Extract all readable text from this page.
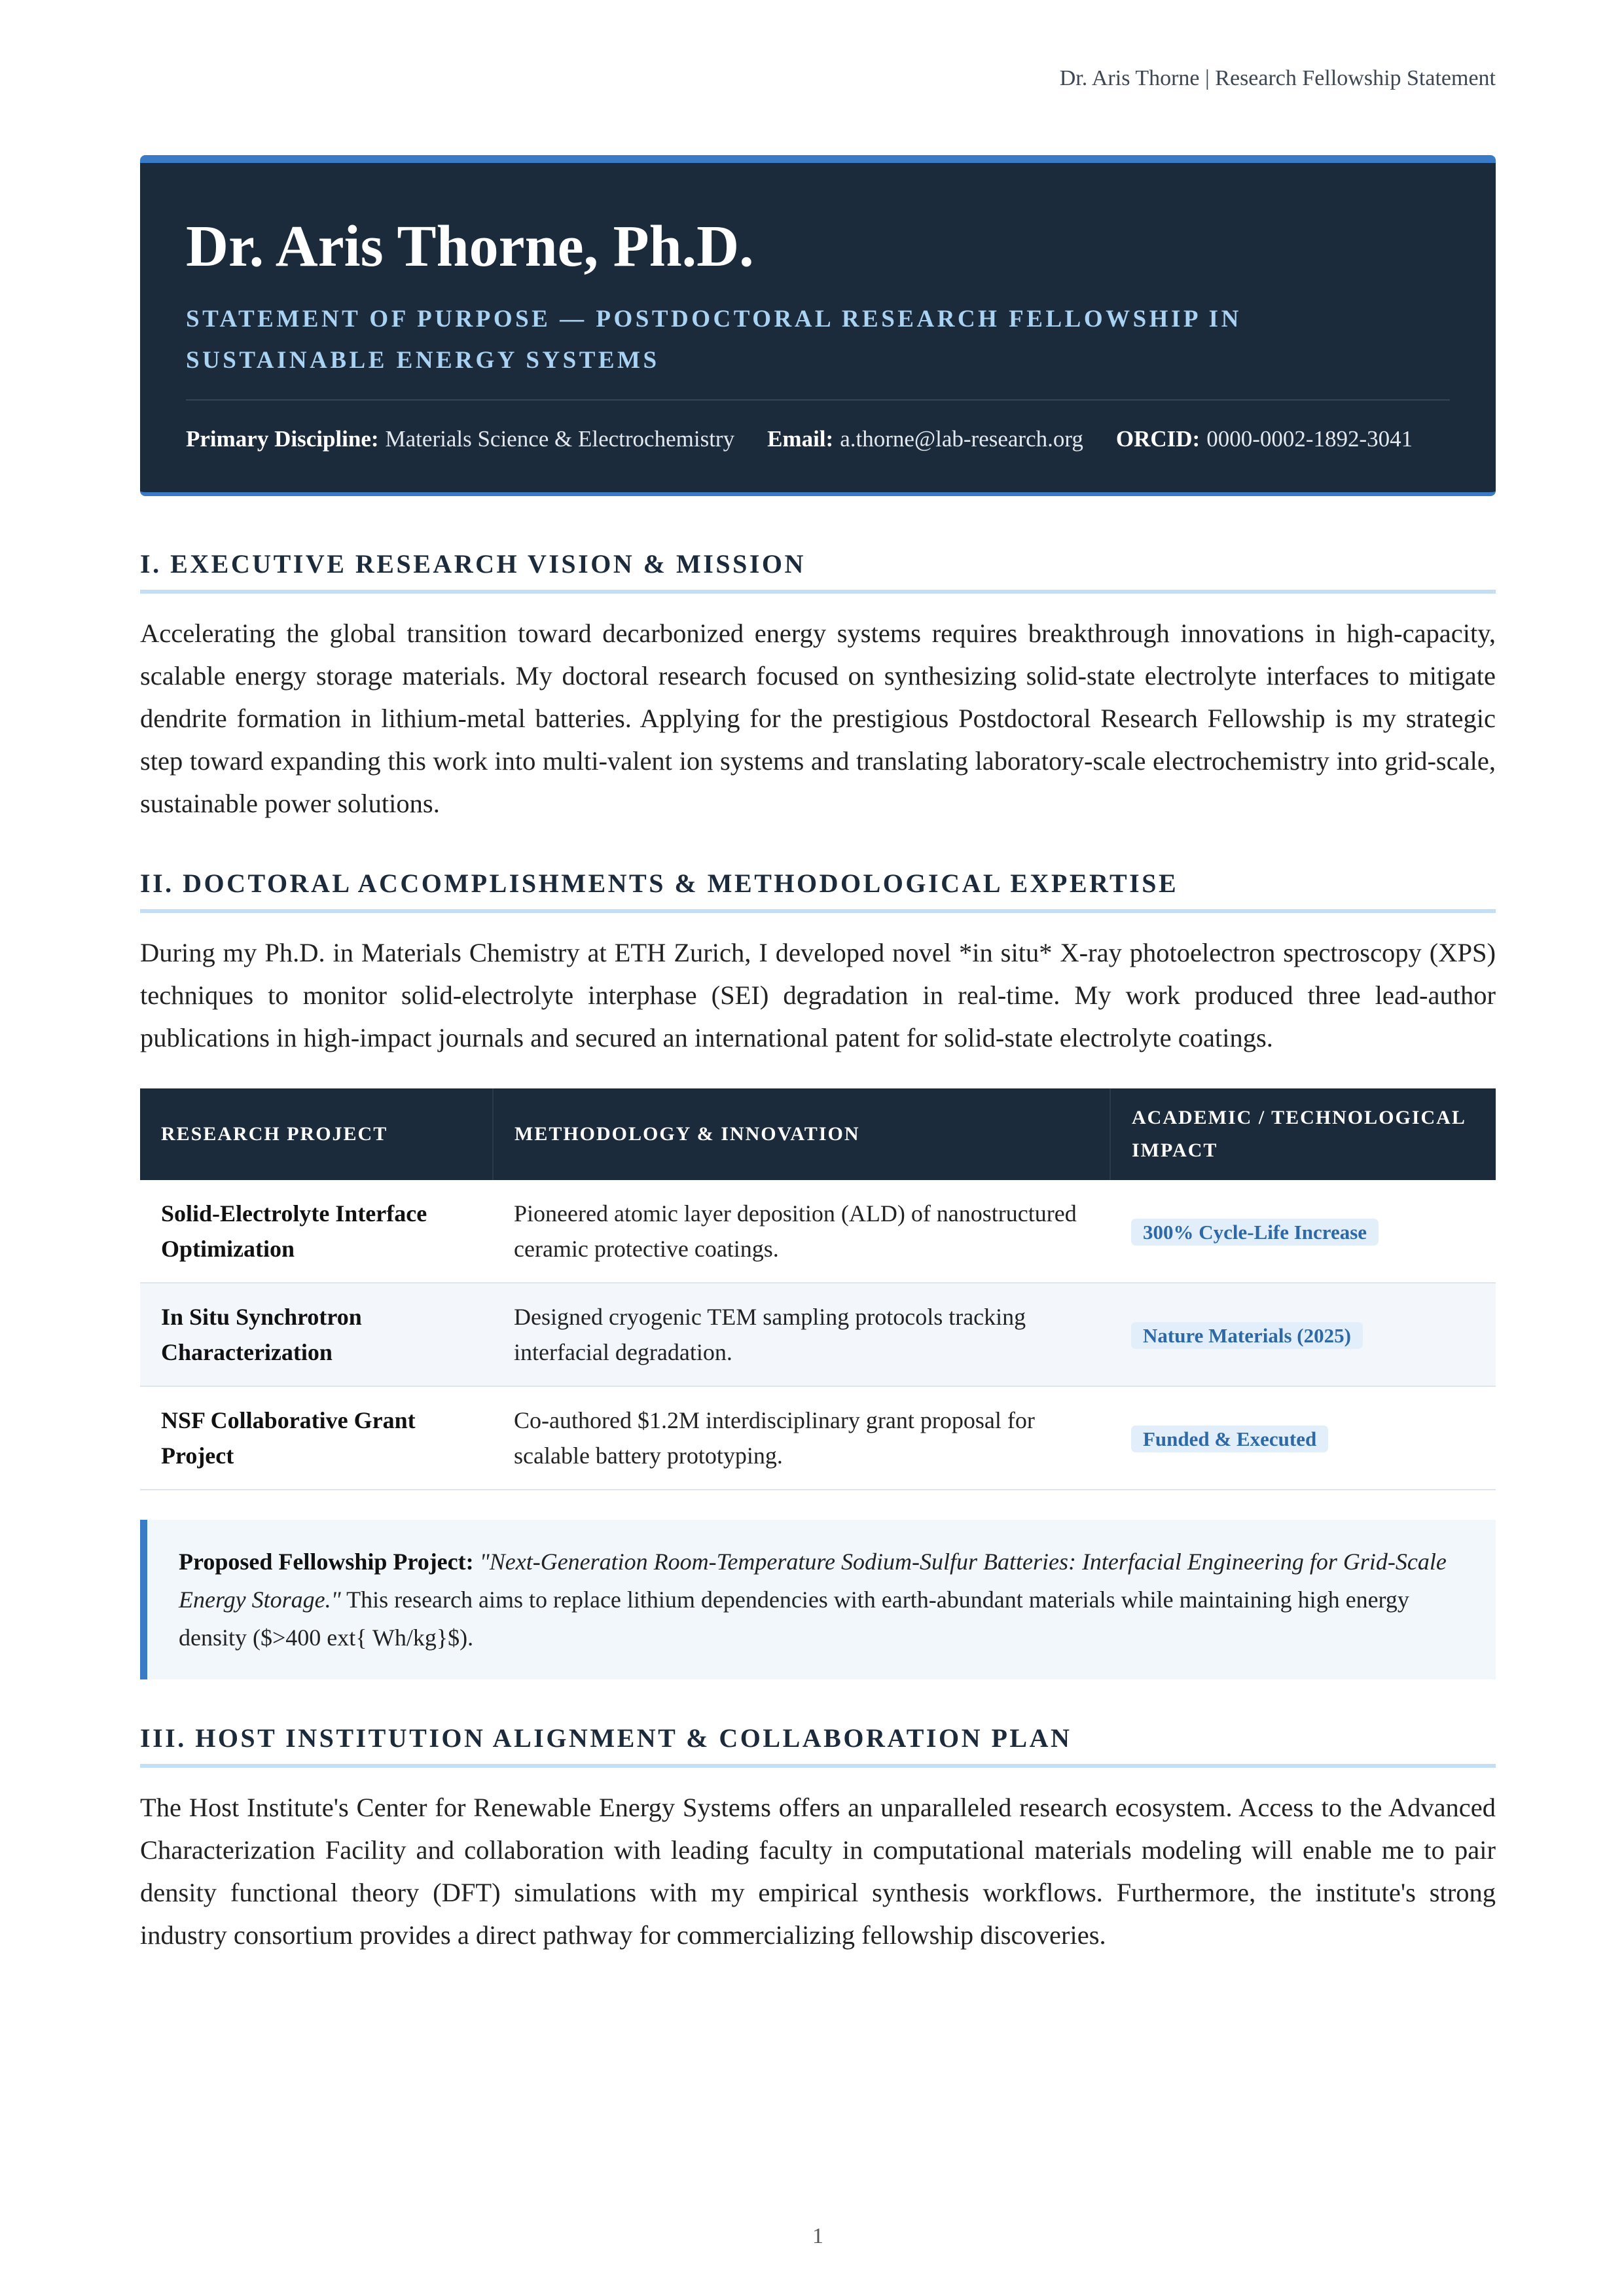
Dr. Aris Thorne | Research Fellowship Statement
Dr. Aris Thorne, Ph.D.
STATEMENT OF PURPOSE — POSTDOCTORAL RESEARCH FELLOWSHIP IN SUSTAINABLE ENERGY SYSTEMS
Primary Discipline: Materials Science & Electrochemistry Email: a.thorne@lab-research.org ORCID: 0000-0002-1892-3041
I. EXECUTIVE RESEARCH VISION & MISSION

Accelerating the global transition toward decarbonized energy systems requires breakthrough innovations in high-capacity, scalable energy storage materials. My doctoral research focused on synthesizing solid-state electrolyte interfaces to mitigate dendrite formation in lithium-metal batteries. Applying for the prestigious Postdoctoral Research Fellowship is my strategic step toward expanding this work into multi-valent ion systems and translating laboratory-scale electrochemistry into grid-scale, sustainable power solutions.

II. DOCTORAL ACCOMPLISHMENTS & METHODOLOGICAL EXPERTISE

During my Ph.D. in Materials Chemistry at ETH Zurich, I developed novel *in situ* X-ray photoelectron spectroscopy (XPS) techniques to monitor solid-electrolyte interphase (SEI) degradation in real-time. My work produced three lead-author publications in high-impact journals and secured an international patent for solid-state electrolyte coatings.

RESEARCH PROJECT	METHODOLOGY & INNOVATION	ACADEMIC / TECHNOLOGICAL IMPACT
Solid-Electrolyte Interface Optimization	Pioneered atomic layer deposition (ALD) of nanostructured ceramic protective coatings.	300% Cycle-Life Increase
In Situ Synchrotron Characterization	Designed cryogenic TEM sampling protocols tracking interfacial degradation.	Nature Materials (2025)
NSF Collaborative Grant Project	Co-authored $1.2M interdisciplinary grant proposal for scalable battery prototyping.	Funded & Executed
Proposed Fellowship Project: "Next-Generation Room-Temperature Sodium-Sulfur Batteries: Interfacial Engineering for Grid-Scale Energy Storage." This research aims to replace lithium dependencies with earth-abundant materials while maintaining high energy density ($>400 ext{ Wh/kg}$).
III. HOST INSTITUTION ALIGNMENT & COLLABORATION PLAN

The Host Institute's Center for Renewable Energy Systems offers an unparalleled research ecosystem. Access to the Advanced Characterization Facility and collaboration with leading faculty in computational materials modeling will enable me to pair density functional theory (DFT) simulations with my empirical synthesis workflows. Furthermore, the institute's strong industry consortium provides a direct pathway for commercializing fellowship discoveries.

1
